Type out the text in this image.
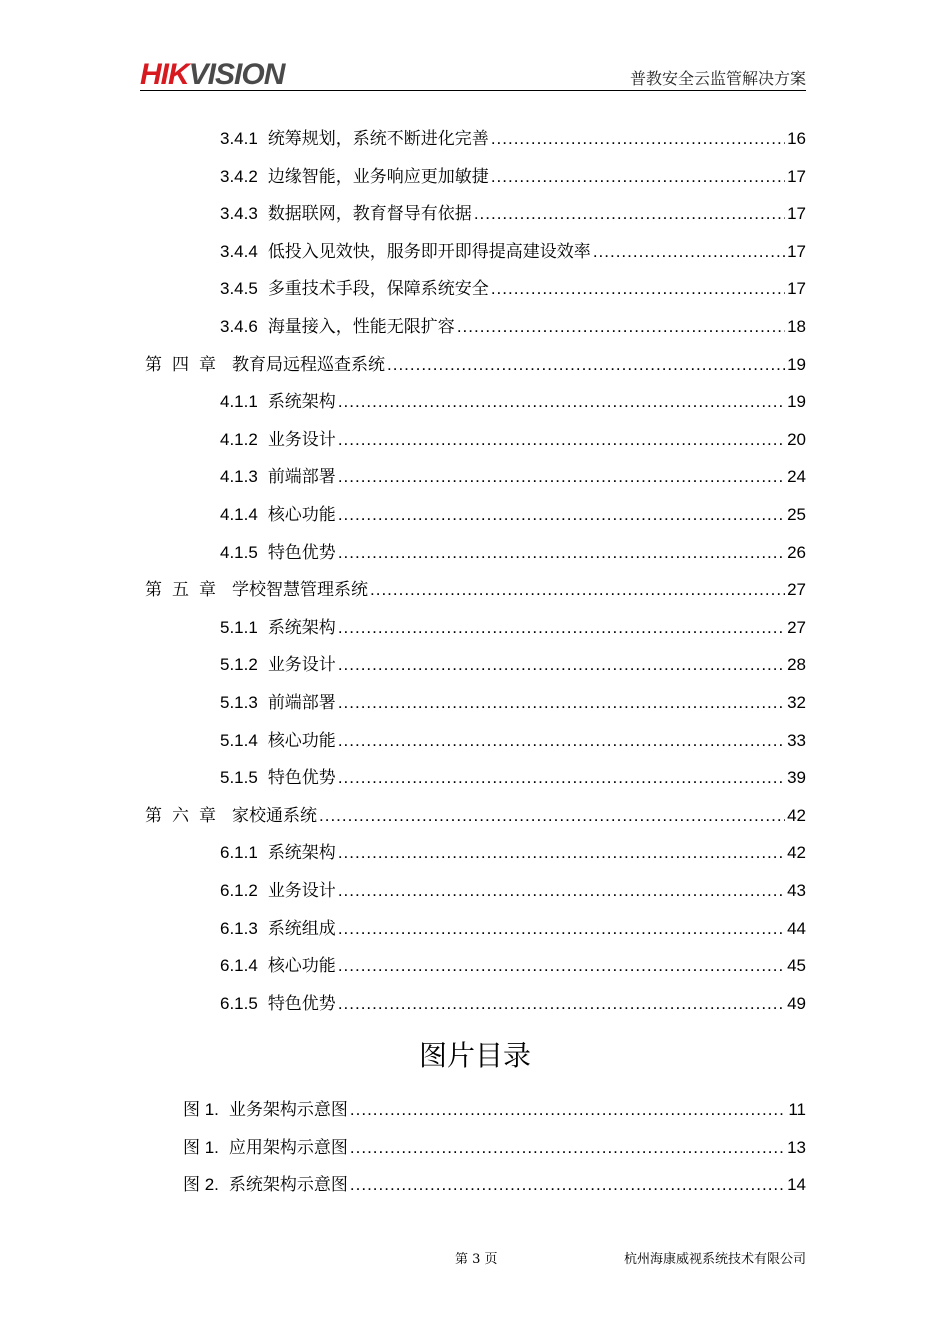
HIKVISION	普教安全云监管解决方案
3.4.1 统筹规划，系统不断进化完善 .....	16
3.4.2 边缘智能，业务响应更加敏捷 .....	17
3.4.3 数据联网，教育督导有依据 .....	17
3.4.4 低投入见效快，服务即开即得提高建设效率 .....	17
3.4.5 多重技术手段，保障系统安全 .....	17
3.4.6 海量接入，性能无限扩容 .....	18
第四章 教育局远程巡查系统 .....	19
4.1.1 系统架构 .....	19
4.1.2 业务设计 .....	20
4.1.3 前端部署 .....	24
4.1.4 核心功能 .....	25
4.1.5 特色优势 .....	26
第五章 学校智慧管理系统 .....	27
5.1.1 系统架构 .....	27
5.1.2 业务设计 .....	28
5.1.3 前端部署 .....	32
5.1.4 核心功能 .....	33
5.1.5 特色优势 .....	39
第六章 家校通系统 .....	42
6.1.1 系统架构 .....	42
6.1.2 业务设计 .....	43
6.1.3 系统组成 .....	44
6.1.4 核心功能 .....	45
6.1.5 特色优势 .....	49
图片目录
图 1. 业务架构示意图 .....	11
图 1. 应用架构示意图 .....	13
图 2. 系统架构示意图 .....	14
第 3 页	杭州海康威视系统技术有限公司
